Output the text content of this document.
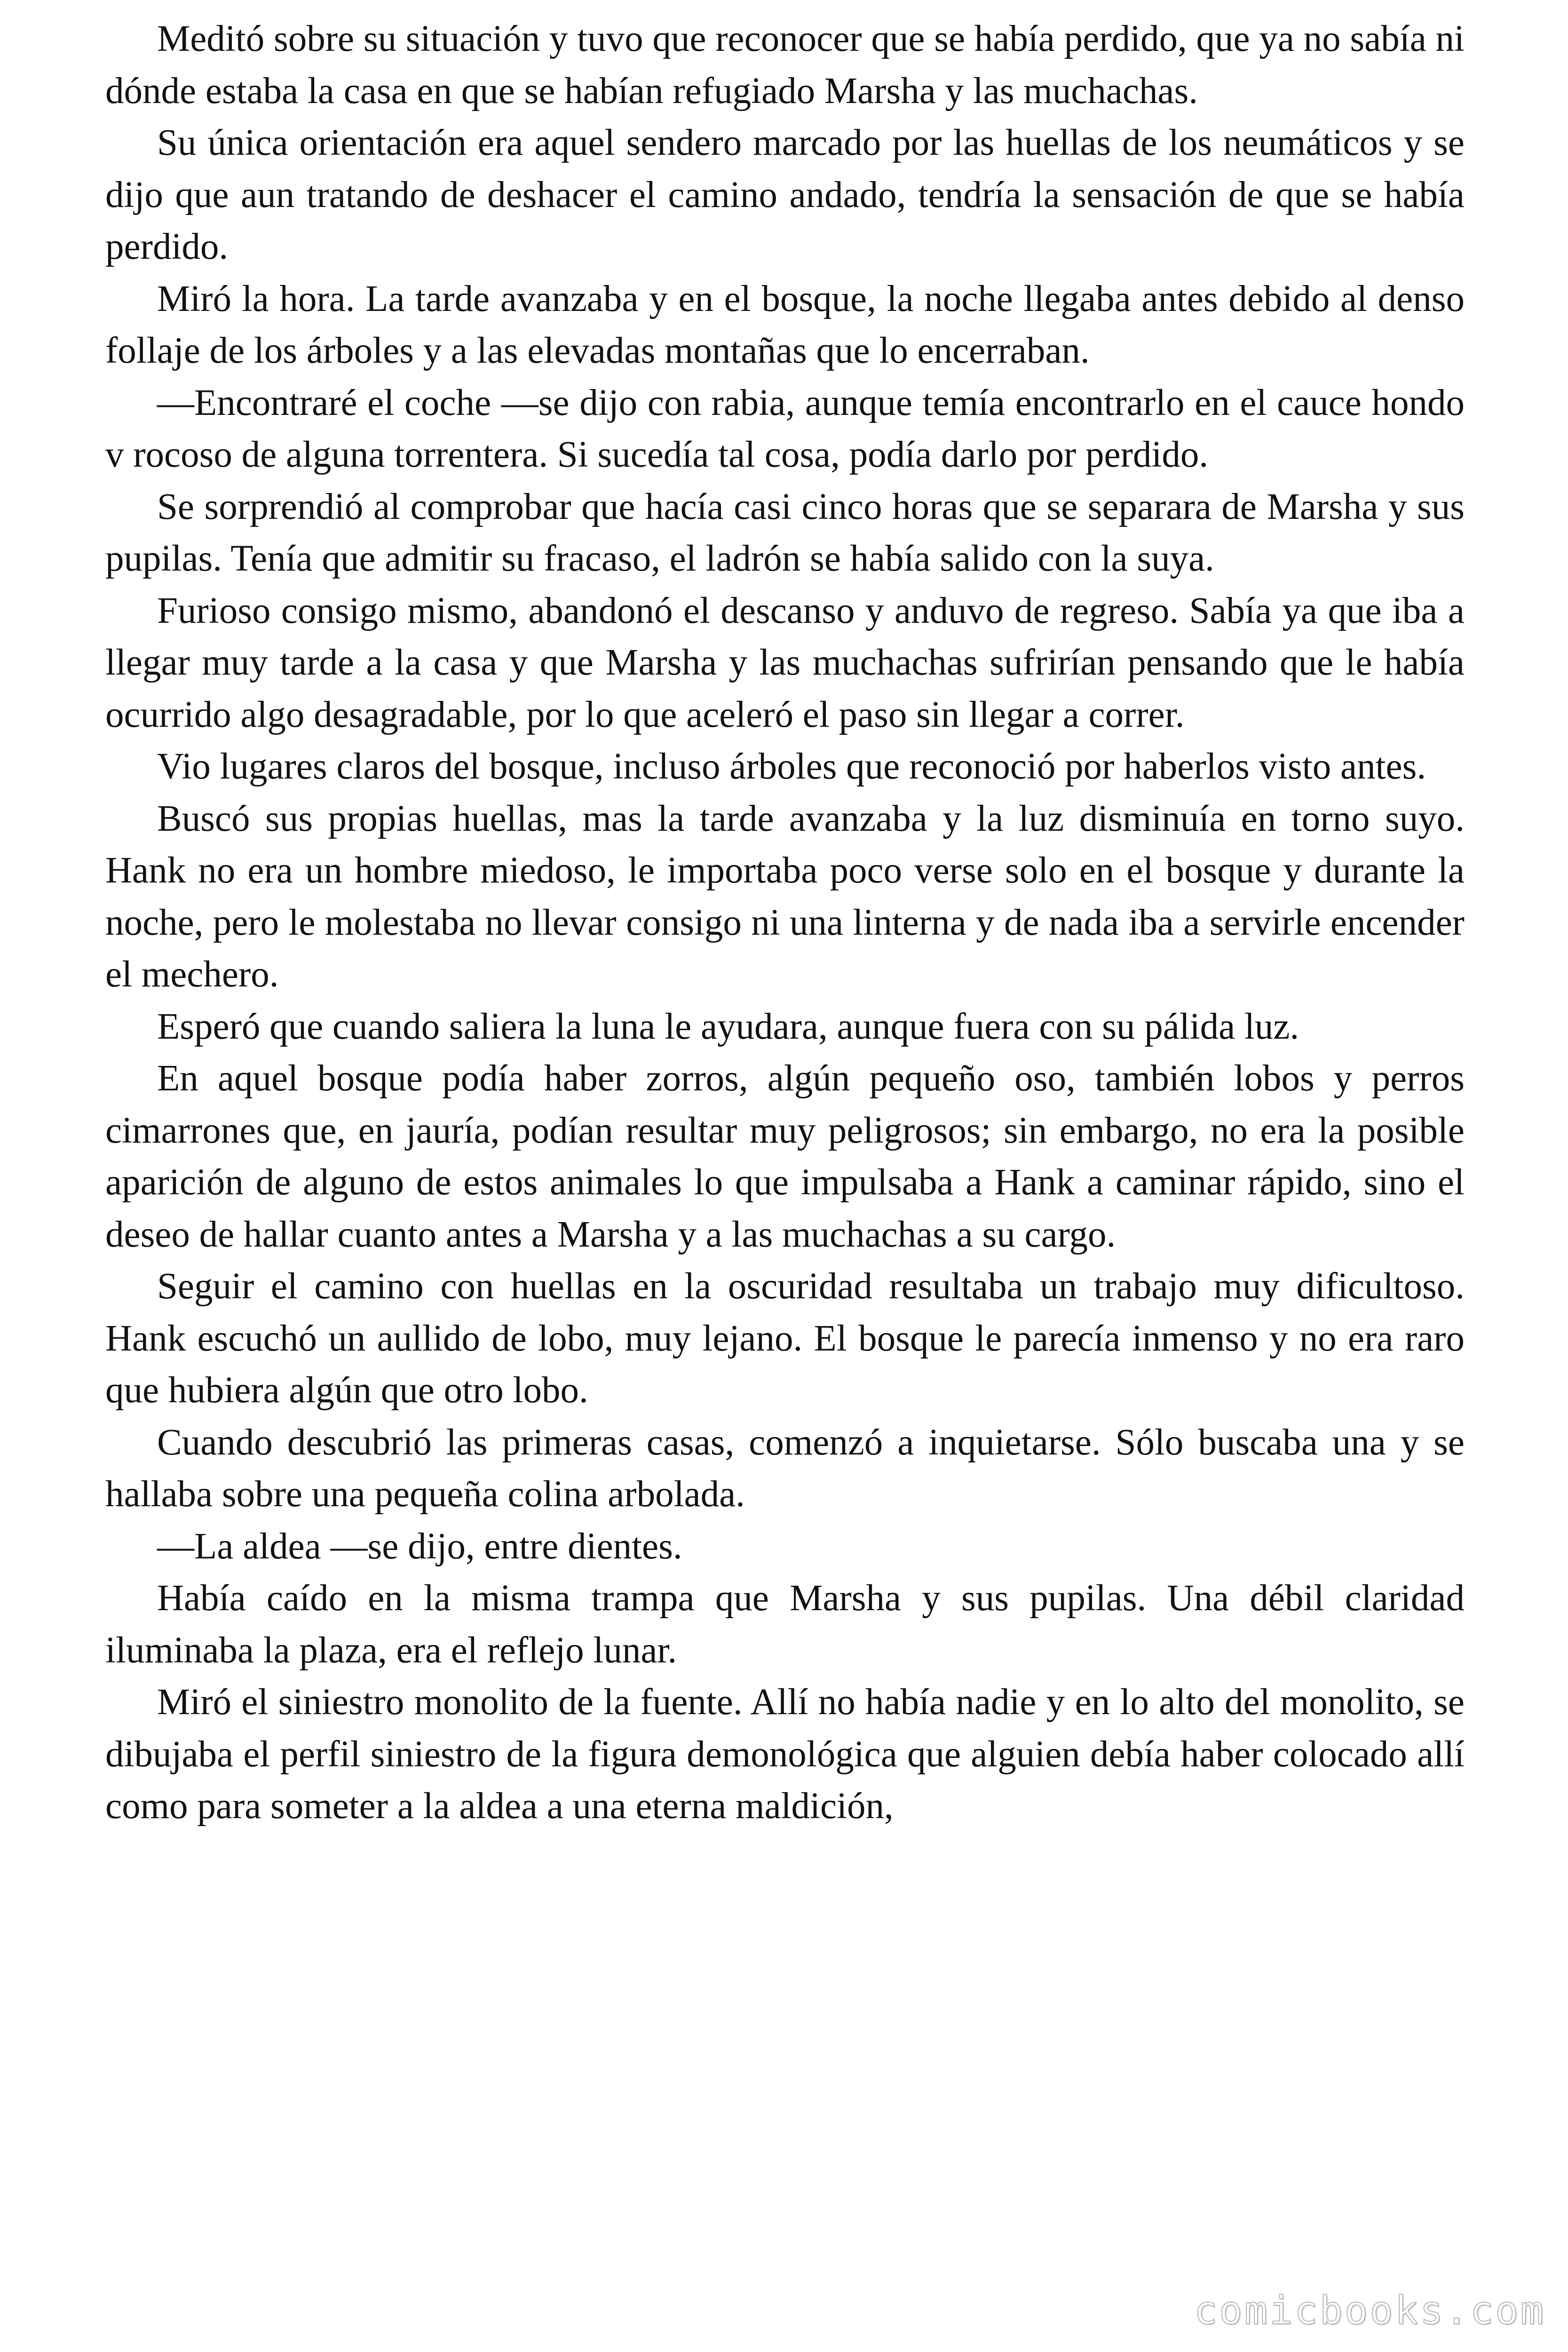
Meditó sobre su situación y tuvo que reconocer que se había perdido, que ya no sabía ni dónde estaba la casa en que se habían refugiado Marsha y las muchachas.

Su única orientación era aquel sendero marcado por las huellas de los neumáticos y se dijo que aun tratando de deshacer el camino andado, tendría la sensación de que se había perdido.

Miró la hora. La tarde avanzaba y en el bosque, la noche llegaba antes debido al denso follaje de los árboles y a las elevadas montañas que lo encerraban.

—Encontraré el coche —se dijo con rabia, aunque temía encontrarlo en el cauce hondo v rocoso de alguna torrentera. Si sucedía tal cosa, podía darlo por perdido.

Se sorprendió al comprobar que hacía casi cinco horas que se separara de Marsha y sus pupilas. Tenía que admitir su fracaso, el ladrón se había salido con la suya.

Furioso consigo mismo, abandonó el descanso y anduvo de regreso. Sabía ya que iba a llegar muy tarde a la casa y que Marsha y las muchachas sufrirían pensando que le había ocurrido algo desagradable, por lo que aceleró el paso sin llegar a correr.

Vio lugares claros del bosque, incluso árboles que reconoció por haberlos visto antes.

Buscó sus propias huellas, mas la tarde avanzaba y la luz disminuía en torno suyo. Hank no era un hombre miedoso, le importaba poco verse solo en el bosque y durante la noche, pero le molestaba no llevar consigo ni una linterna y de nada iba a servirle encender el mechero.

Esperó que cuando saliera la luna le ayudara, aunque fuera con su pálida luz.

En aquel bosque podía haber zorros, algún pequeño oso, también lobos y perros cimarrones que, en jauría, podían resultar muy peligrosos; sin embargo, no era la posible aparición de alguno de estos animales lo que impulsaba a Hank a caminar rápido, sino el deseo de hallar cuanto antes a Marsha y a las muchachas a su cargo.

Seguir el camino con huellas en la oscuridad resultaba un trabajo muy dificultoso. Hank escuchó un aullido de lobo, muy lejano. El bosque le parecía inmenso y no era raro que hubiera algún que otro lobo.

Cuando descubrió las primeras casas, comenzó a inquietarse. Sólo buscaba una y se hallaba sobre una pequeña colina arbolada.

—La aldea —se dijo, entre dientes.

Había caído en la misma trampa que Marsha y sus pupilas. Una débil claridad iluminaba la plaza, era el reflejo lunar.

Miró el siniestro monolito de la fuente. Allí no había nadie y en lo alto del monolito, se dibujaba el perfil siniestro de la figura demonológica que alguien debía haber colocado allí como para someter a la aldea a una eterna maldición,

comicbooks.com
